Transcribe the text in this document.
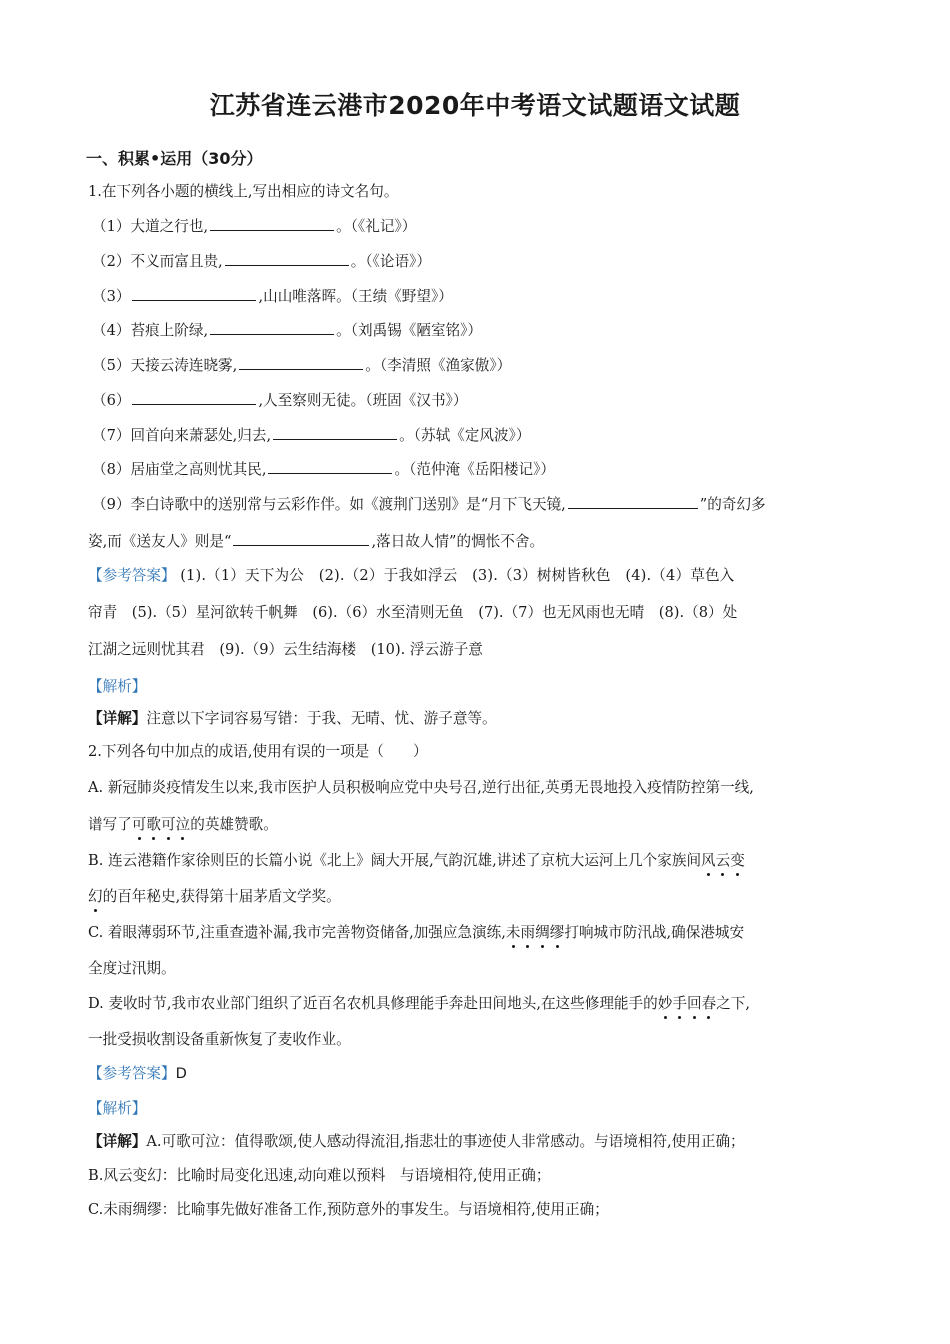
江苏省连云港市2020年中考语文试题语文试题
一、积累•运用（30分）
1.在下列各小题的横线上,写出相应的诗文名句。
（1）大道之行也,	。（《礼记》）
（2）不义而富且贵,	。（《论语》）
（3）	,山山唯落晖。（王绩《野望》）
（4）苔痕上阶绿,	。（刘禹锡《陋室铭》）
（5）天接云涛连晓雾,	。（李清照《渔家傲》）
（6）	,人至察则无徒。（班固《汉书》）
（7）回首向来萧瑟处,归去,	。（苏轼《定风波》）
（8）居庙堂之高则忧其民,	。（范仲淹《岳阳楼记》）
（9）李白诗歌中的送别常与云彩作伴。如《渡荆门送别》是“月下飞天镜,	”的奇幻多
姿,而《送友人》则是“	,落日故人情”的惆怅不舍。
【参考答案】 (1).（1）天下为公　(2).（2）于我如浮云　(3).（3）树树皆秋色　(4).（4）草色入
帘青　(5).（5）星河欲转千帆舞　(6).（6）水至清则无鱼　(7).（7）也无风雨也无晴　(8).（8）处
江湖之远则忧其君　(9).（9）云生结海楼　(10). 浮云游子意
【解析】
【详解】注意以下字词容易写错：于我、无晴、忧、游子意等。
2.下列各句中加点的成语,使用有误的一项是（　　）
A. 新冠肺炎疫情发生以来,我市医护人员积极响应党中央号召,逆行出征,英勇无畏地投入疫情防控第一线,
谱写了可歌可泣的英雄赞歌。
B. 连云港籍作家徐则臣的长篇小说《北上》阔大开展,气韵沉雄,讲述了京杭大运河上几个家族间风云变
幻的百年秘史,获得第十届茅盾文学奖。
C. 着眼薄弱环节,注重查遗补漏,我市完善物资储备,加强应急演练,未雨绸缪打响城市防汛战,确保港城安
全度过汛期。
D. 麦收时节,我市农业部门组织了近百名农机具修理能手奔赴田间地头,在这些修理能手的妙手回春之下,
一批受损收割设备重新恢复了麦收作业。
【参考答案】D
【解析】
【详解】A.可歌可泣：值得歌颂,使人感动得流泪,指悲壮的事迹使人非常感动。与语境相符,使用正确；
B.风云变幻：比喻时局变化迅速,动向难以预料　与语境相符,使用正确；
C.未雨绸缪：比喻事先做好准备工作,预防意外的事发生。与语境相符,使用正确；
